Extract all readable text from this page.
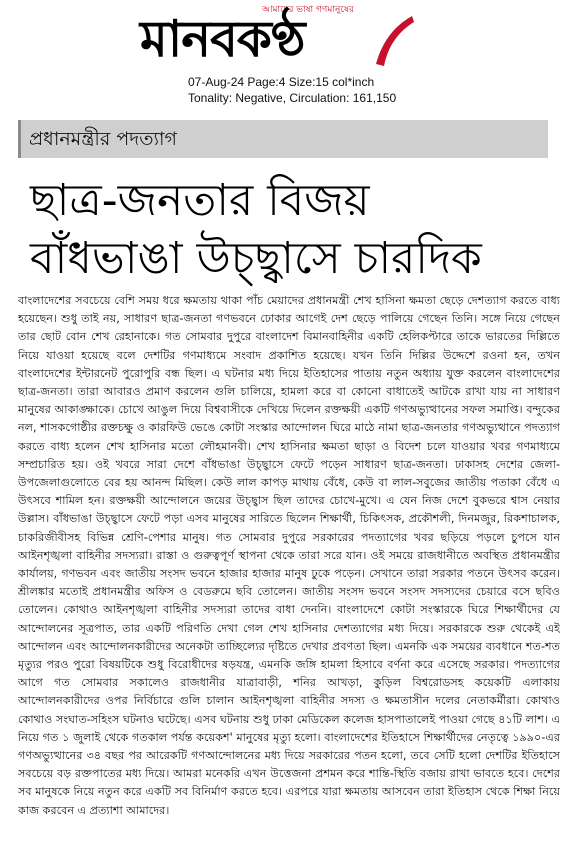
আমাদের ভাষা গণমানুষের
মানবকণ্ঠ
07-Aug-24 Page:4 Size:15 col*inch
Tonality: Negative, Circulation: 161,150
প্রধানমন্ত্রীর পদত্যাগ
ছাত্র-জনতার বিজয়
বাঁধভাঙা উচ্ছ্বাসে চারদিক

বাংলাদেশের সবচেয়ে বেশি সময় ধরে ক্ষমতায় থাকা পাঁচ মেয়াদের প্রধানমন্ত্রী শেখ হাসিনা ক্ষমতা ছেড়ে দেশত্যাগ করতে বাধ্য হয়েছেন। শুধু তাই নয়, সাধারণ ছাত্র-জনতা গণভবনে ঢোকার আগেই দেশ ছেড়ে পালিয়ে গেছেন তিনি। সঙ্গে নিয়ে গেছেন তার ছোট বোন শেখ রেহানাকে। গত সোমবার দুপুরে বাংলাদেশ বিমানবাহিনীর একটি হেলিকপ্টারে তাকে ভারতের দিল্লিতে নিয়ে যাওয়া হয়েছে বলে দেশটির গণমাধ্যমে সংবাদ প্রকাশিত হয়েছে। যখন তিনি দিল্লির উদ্দেশে রওনা হন, তখন বাংলাদেশের ইন্টারনেট পুরোপুরি বন্ধ ছিল। এ ঘটনার মধ্য দিয়ে ইতিহাসের পাতায় নতুন অধ্যায় যুক্ত করলেন বাংলাদেশের ছাত্র-জনতা। তারা আবারও প্রমাণ করলেন গুলি চালিয়ে, হামলা করে বা কোনো বাধাতেই আটকে রাখা যায় না সাধারণ মানুষের আকাঙ্ক্ষাকে। চোখে আঙুল দিয়ে বিশ্ববাসীকে দেখিয়ে দিলেন রক্তক্ষয়ী একটি গণঅভ্যুত্থানের সফল সমাপ্তি। বন্দুকের নল, শাসকগোষ্ঠীর রক্তচক্ষু ও কারফিউ ভেঙে কোটা সংস্কার আন্দোলন ঘিরে মাঠে নামা ছাত্র-জনতার গণঅভ্যুত্থানে পদত্যাগ করতে বাধ্য হলেন শেখ হাসিনার মতো লৌহমানবী। শেখ হাসিনার ক্ষমতা ছাড়া ও বিদেশ চলে যাওয়ার খবর গণমাধ্যমে সম্প্রচারিত হয়। ওই খবরে সারা দেশে বাঁধভাঙা উচ্ছ্বাসে ফেটে পড়েন সাধারণ ছাত্র-জনতা। ঢাকাসহ দেশের জেলা-উপজেলাগুলোতে বের হয় আনন্দ মিছিল। কেউ লাল কাপড় মাথায় বেঁধে, কেউ বা লাল-সবুজের জাতীয় পতাকা বেঁধে এ উৎসবে শামিল হন। রক্তক্ষয়ী আন্দোলনে জয়ের উচ্ছ্বাস ছিল তাদের চোখে-মুখে। এ যেন নিজ দেশে বুকভরে শ্বাস নেয়ার উল্লাস। বাঁধভাঙা উচ্ছ্বাসে ফেটে পড়া এসব মানুষের সারিতে ছিলেন শিক্ষার্থী, চিকিৎসক, প্রকৌশলী, দিনমজুর, রিকশাচালক, চাকরিজীবীসহ বিভিন্ন শ্রেণি-পেশার মানুষ। গত সোমবার দুপুরে সরকারের পদত্যাগের খবর ছড়িয়ে পড়লে চুপসে যান আইনশৃঙ্খলা বাহিনীর সদস্যরা। রাস্তা ও গুরুত্বপূর্ণ স্থাপনা থেকে তারা সরে যান। ওই সময়ে রাজধানীতে অবস্থিত প্রধানমন্ত্রীর কার্যালয়, গণভবন এবং জাতীয় সংসদ ভবনে হাজার হাজার মানুষ ঢুকে পড়েন। সেখানে তারা সরকার পতনে উৎসব করেন। শ্রীলঙ্কার মতোই প্রধানমন্ত্রীর অফিস ও বেডরুমে ছবি তোলেন। জাতীয় সংসদ ভবনে সংসদ সদস্যদের চেয়ারে বসে ছবিও তোলেন। কোথাও আইনশৃঙ্খলা বাহিনীর সদস্যরা তাদের বাধা দেননি। বাংলাদেশে কোটা সংস্কারকে ঘিরে শিক্ষার্থীদের যে আন্দোলনের সূত্রপাত, তার একটি পরিণতি দেখা গেল শেখ হাসিনার দেশত্যাগের মধ্য দিয়ে। সরকারকে শুরু থেকেই এই আন্দোলন এবং আন্দোলনকারীদের অনেকটা তাচ্ছিল্যের দৃষ্টিতে দেখার প্রবণতা ছিল। এমনকি এক সময়ের ব্যবধানে শত-শত মৃত্যুর পরও পুরো বিষয়টিকে শুধু বিরোধীদের ষড়যন্ত্র, এমনকি জঙ্গি হামলা হিসাবে বর্ণনা করে এসেছে সরকার। পদত্যাগের আগে গত সোমবার সকালেও রাজধানীর যাত্রাবাড়ী, শনির আখড়া, কুড়িল বিশ্বরোডসহ কয়েকটি এলাকায় আন্দোলনকারীদের ওপর নির্বিচারে গুলি চালান আইনশৃঙ্খলা বাহিনীর সদস্য ও ক্ষমতাসীন দলের নেতাকর্মীরা। কোথাও কোথাও সংঘাত-সহিংস ঘটনাও ঘটেছে। এসব ঘটনায় শুধু ঢাকা মেডিকেল কলেজ হাসপাতালেই পাওয়া গেছে ৪১টি লাশ। এ নিয়ে গত ১ জুলাই থেকে গতকাল পর্যন্ত কয়েকশ' মানুষের মৃত্যু হলো। বাংলাদেশের ইতিহাসে শিক্ষার্থীদের নেতৃত্বে ১৯৯০-এর গণঅভ্যুত্থানের ৩৪ বছর পর আরেকটি গণআন্দোলনের মধ্য দিয়ে সরকারের পতন হলো, তবে সেটি হলো দেশটির ইতিহাসে সবচেয়ে বড় রক্তপাতের মধ্য দিয়ে। আমরা মনেকরি এখন উত্তেজনা প্রশমন করে শান্তি-স্থিতি বজায় রাখা ভাবতে হবে। দেশের সব মানুষকে নিয়ে নতুন করে একটি সব বিনির্মাণ করতে হবে। এরপরে যারা ক্ষমতায় আসবেন তারা ইতিহাস থেকে শিক্ষা নিয়ে কাজ করবেন এ প্রত্যাশা আমাদের।
